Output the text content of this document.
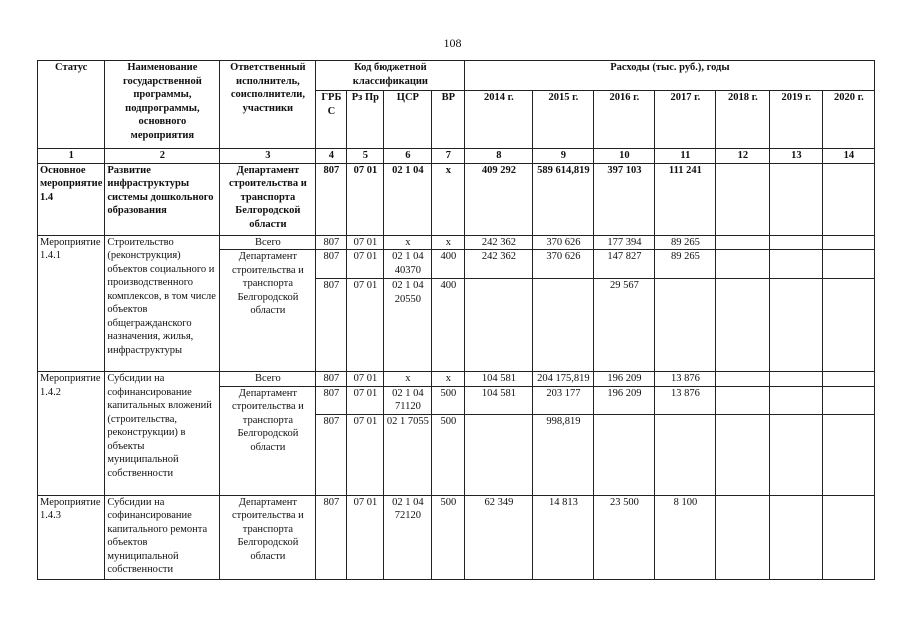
108
Статус	Наименование государственной программы, подпрограммы, основного мероприятия	Ответственный исполнитель, соисполнители, участники	Код бюджетной классификации				Расходы (тыс. руб.), годы						
			ГРБ С	Рз Пр	ЦСР	ВР	2014 г.	2015 г.	2016 г.	2017 г.	2018 г.	2019 г.	2020 г.
1	2	3	4	5	6	7	8	9	10	11	12	13	14
Основное мероприятие 1.4	Развитие инфраструктуры системы дошкольного образования	Департамент строительства и транспорта Белгородской области	807	07 01	02 1 04	х	409 292	589 614,819	397 103	111 241			
Мероприятие 1.4.1	Строительство (реконструкция) объектов социального и производственного комплексов, в том числе объектов общегражданского назначения, жилья, инфраструктуры	Всего	807	07 01	х	х	242 362	370 626	177 394	89 265			
		Департамент строительства и транспорта Белгородской области	807	07 01	02 1 04 40370	400	242 362	370 626	147 827	89 265			
			807	07 01	02 1 04 20550	400			29 567				
Мероприятие 1.4.2	Субсидии на софинансирование капитальных вложений (строительства, реконструкции) в объекты муниципальной собственности	Всего	807	07 01	х	х	104 581	204 175,819	196 209	13 876			
		Департамент строительства и транспорта Белгородской области	807	07 01	02 1 04 71120	500	104 581	203 177	196 209	13 876			
			807	07 01	02 1 7055	500		998,819					
Мероприятие 1.4.3	Субсидии на софинансирование капитального ремонта объектов муниципальной собственности	Департамент строительства и транспорта Белгородской области	807	07 01	02 1 04 72120	500	62 349	14 813	23 500	8 100			
